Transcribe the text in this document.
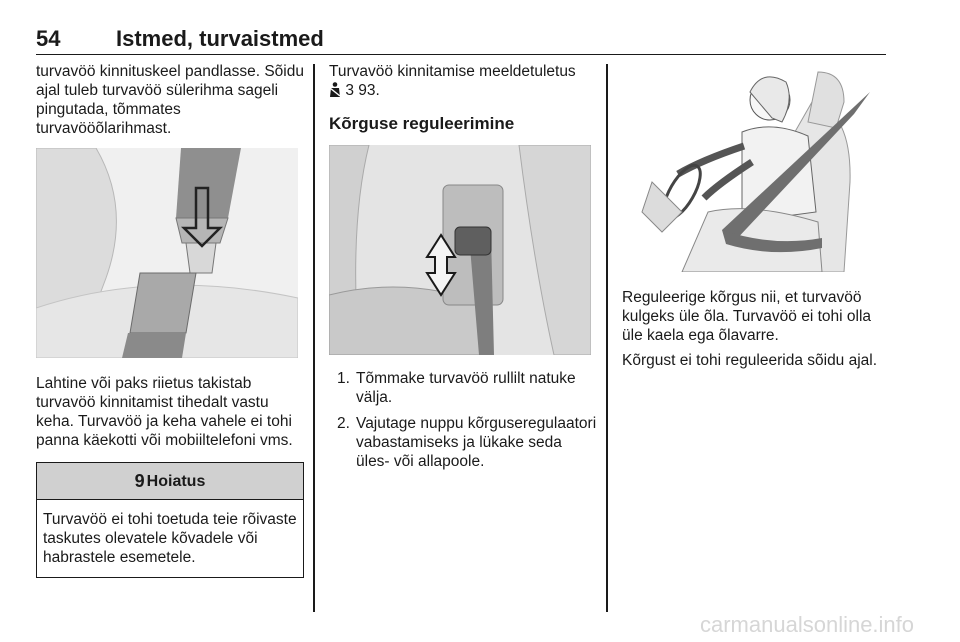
54	Istmed, turvaistmed

turvavöö kinnituskeel pandlasse. Sõidu ajal tuleb turvavöö sülerihma sageli pingutada, tõmmates turvavööõlarihmast.

Lahtine või paks riietus takistab turvavöö kinnitamist tihedalt vastu keha. Turvavöö ja keha vahele ei tohi panna käekotti või mobiiltelefoni vms.

9 Hoiatus
Turvavöö ei tohi toetuda teie rõivaste taskutes olevatele kõvadele või habrastele esemetele.

Turvavöö kinnitamise meeldetuletus

3 93.

Kõrguse reguleerimine
1. Tõmmake turvavöö rullilt natuke välja.
2. Vajutage nuppu kõrguseregulaatori vabastamiseks ja lükake seda üles- või allapoole.

Reguleerige kõrgus nii, et turvavöö kulgeks üle õla. Turvavöö ei tohi olla üle kaela ega õlavarre.

Kõrgust ei tohi reguleerida sõidu ajal.

carmanualsonline.info
